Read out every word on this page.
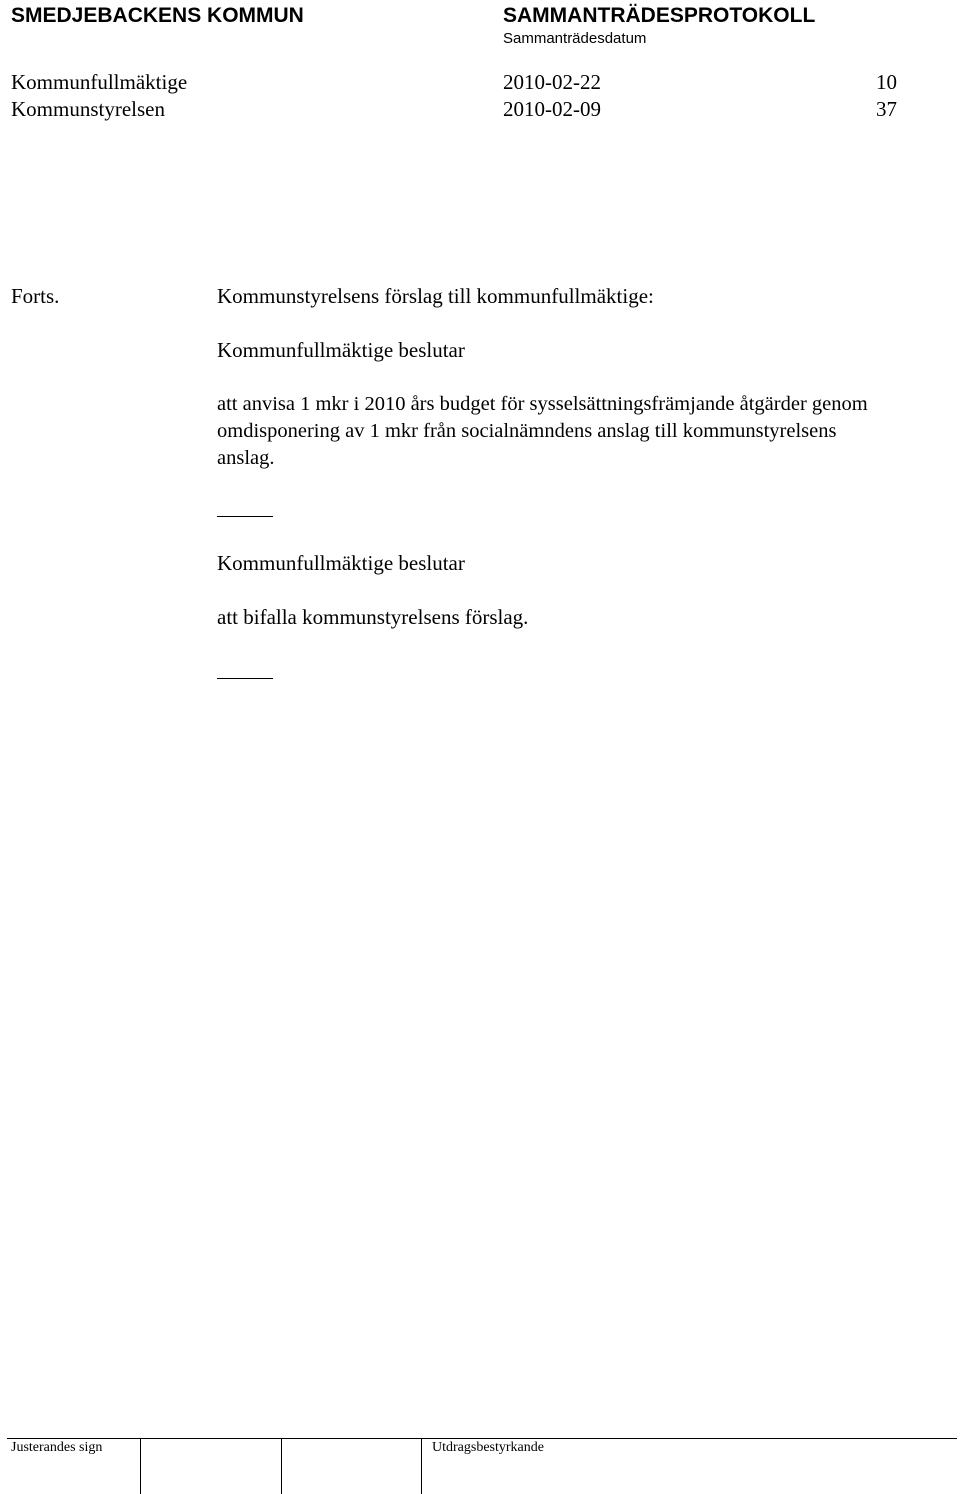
SMEDJEBACKENS KOMMUN	SAMMANTRÄDESPROTOKOLL
Sammanträdesdatum
Kommunfullmäktige	2010-02-22	10
Kommunstyrelsen	2010-02-09	37
Forts.	Kommunstyrelsens förslag till kommunfullmäktige:
Kommunfullmäktige beslutar
att anvisa 1 mkr i 2010 års budget för sysselsättningsfrämjande åtgärder genom
omdisponering av 1 mkr från socialnämndens anslag till kommunstyrelsens
anslag.
Kommunfullmäktige beslutar
att bifalla kommunstyrelsens förslag.
Justerandes sign	Utdragsbestyrkande
